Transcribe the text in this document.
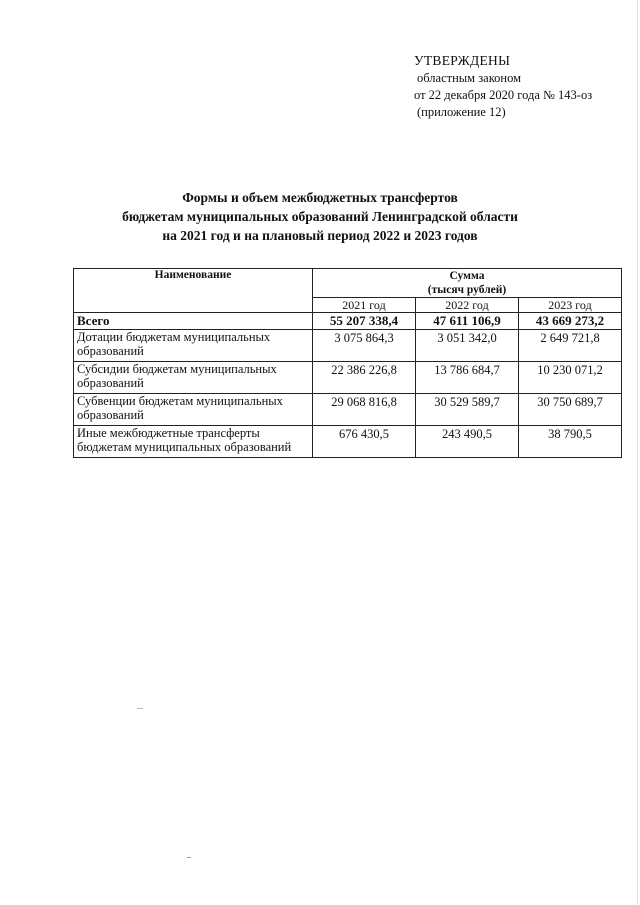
УТВЕРЖДЕНЫ
областным законом
от 22 декабря 2020 года № 143-оз
(приложение 12)
Формы и объем межбюджетных трансфертов
бюджетам муниципальных образований Ленинградской области
на 2021 год и на плановый период 2022 и 2023 годов
Наименование	Сумма
(тысяч рублей)		

	2021 год	2022 год	2023 год
Всего	55 207 338,4	47 611 106,9	43 669 273,2
Дотации бюджетам муниципальных образований	3 075 864,3	3 051 342,0	2 649 721,8
Субсидии бюджетам муниципальных образований	22 386 226,8	13 786 684,7	10 230 071,2
Субвенции бюджетам муниципальных образований	29 068 816,8	30 529 589,7	30 750 689,7
Иные межбюджетные трансферты бюджетам муниципальных образований	676 430,5	243 490,5	38 790,5
